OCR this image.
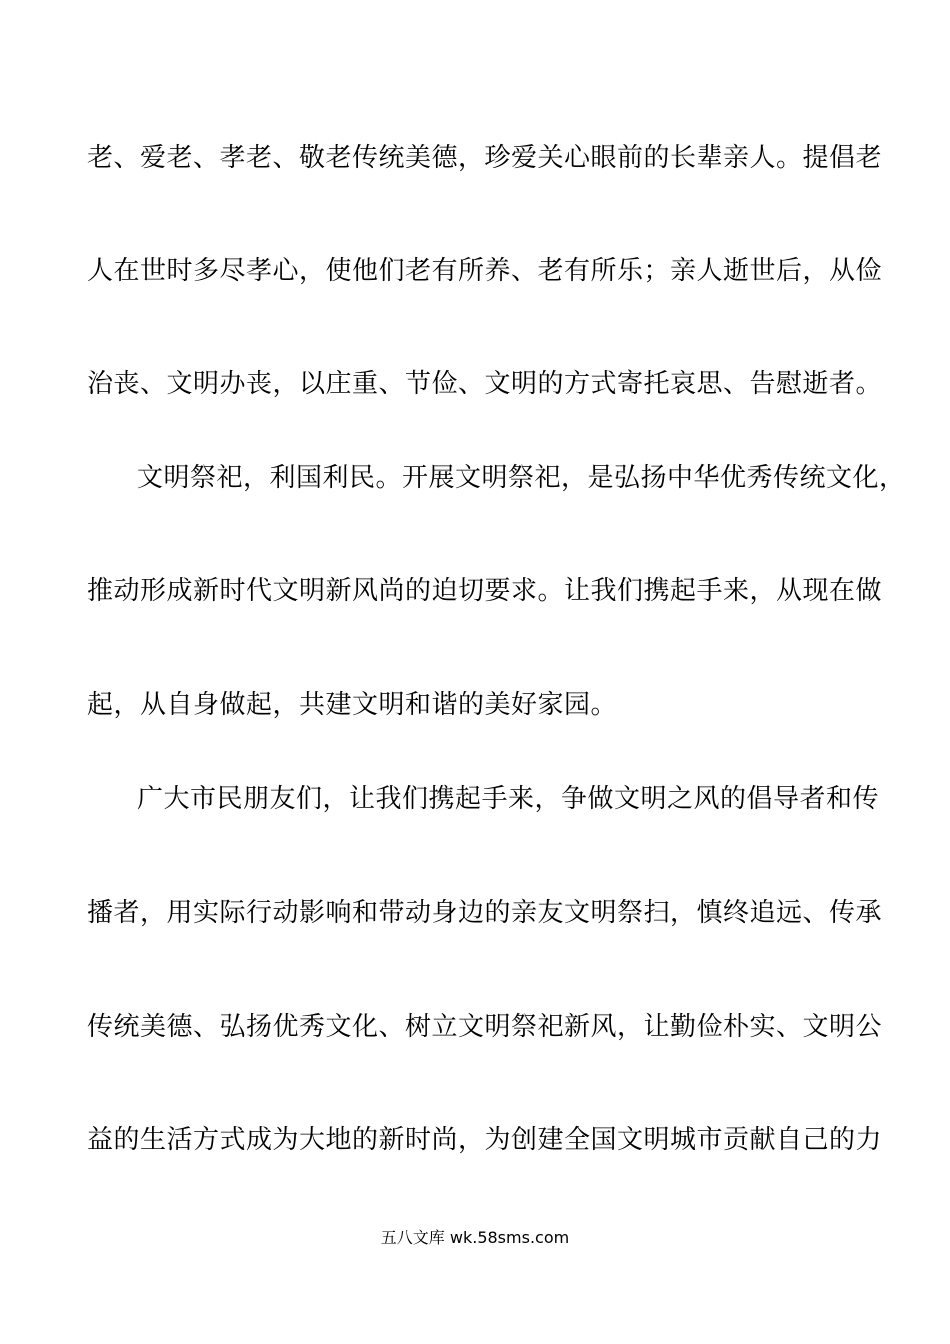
老、爱老、孝老、敬老传统美德，珍爱关心眼前的长辈亲人。提倡老
人在世时多尽孝心，使他们老有所养、老有所乐；亲人逝世后，从俭
治丧、文明办丧，以庄重、节俭、文明的方式寄托哀思、告慰逝者。
文明祭祀，利国利民。开展文明祭祀，是弘扬中华优秀传统文化，
推动形成新时代文明新风尚的迫切要求。让我们携起手来，从现在做
起，从自身做起，共建文明和谐的美好家园。
广大市民朋友们，让我们携起手来，争做文明之风的倡导者和传
播者，用实际行动影响和带动身边的亲友文明祭扫，慎终追远、传承
传统美德、弘扬优秀文化、树立文明祭祀新风，让勤俭朴实、文明公
益的生活方式成为大地的新时尚，为创建全国文明城市贡献自己的力
五八文库 wk.58sms.com
